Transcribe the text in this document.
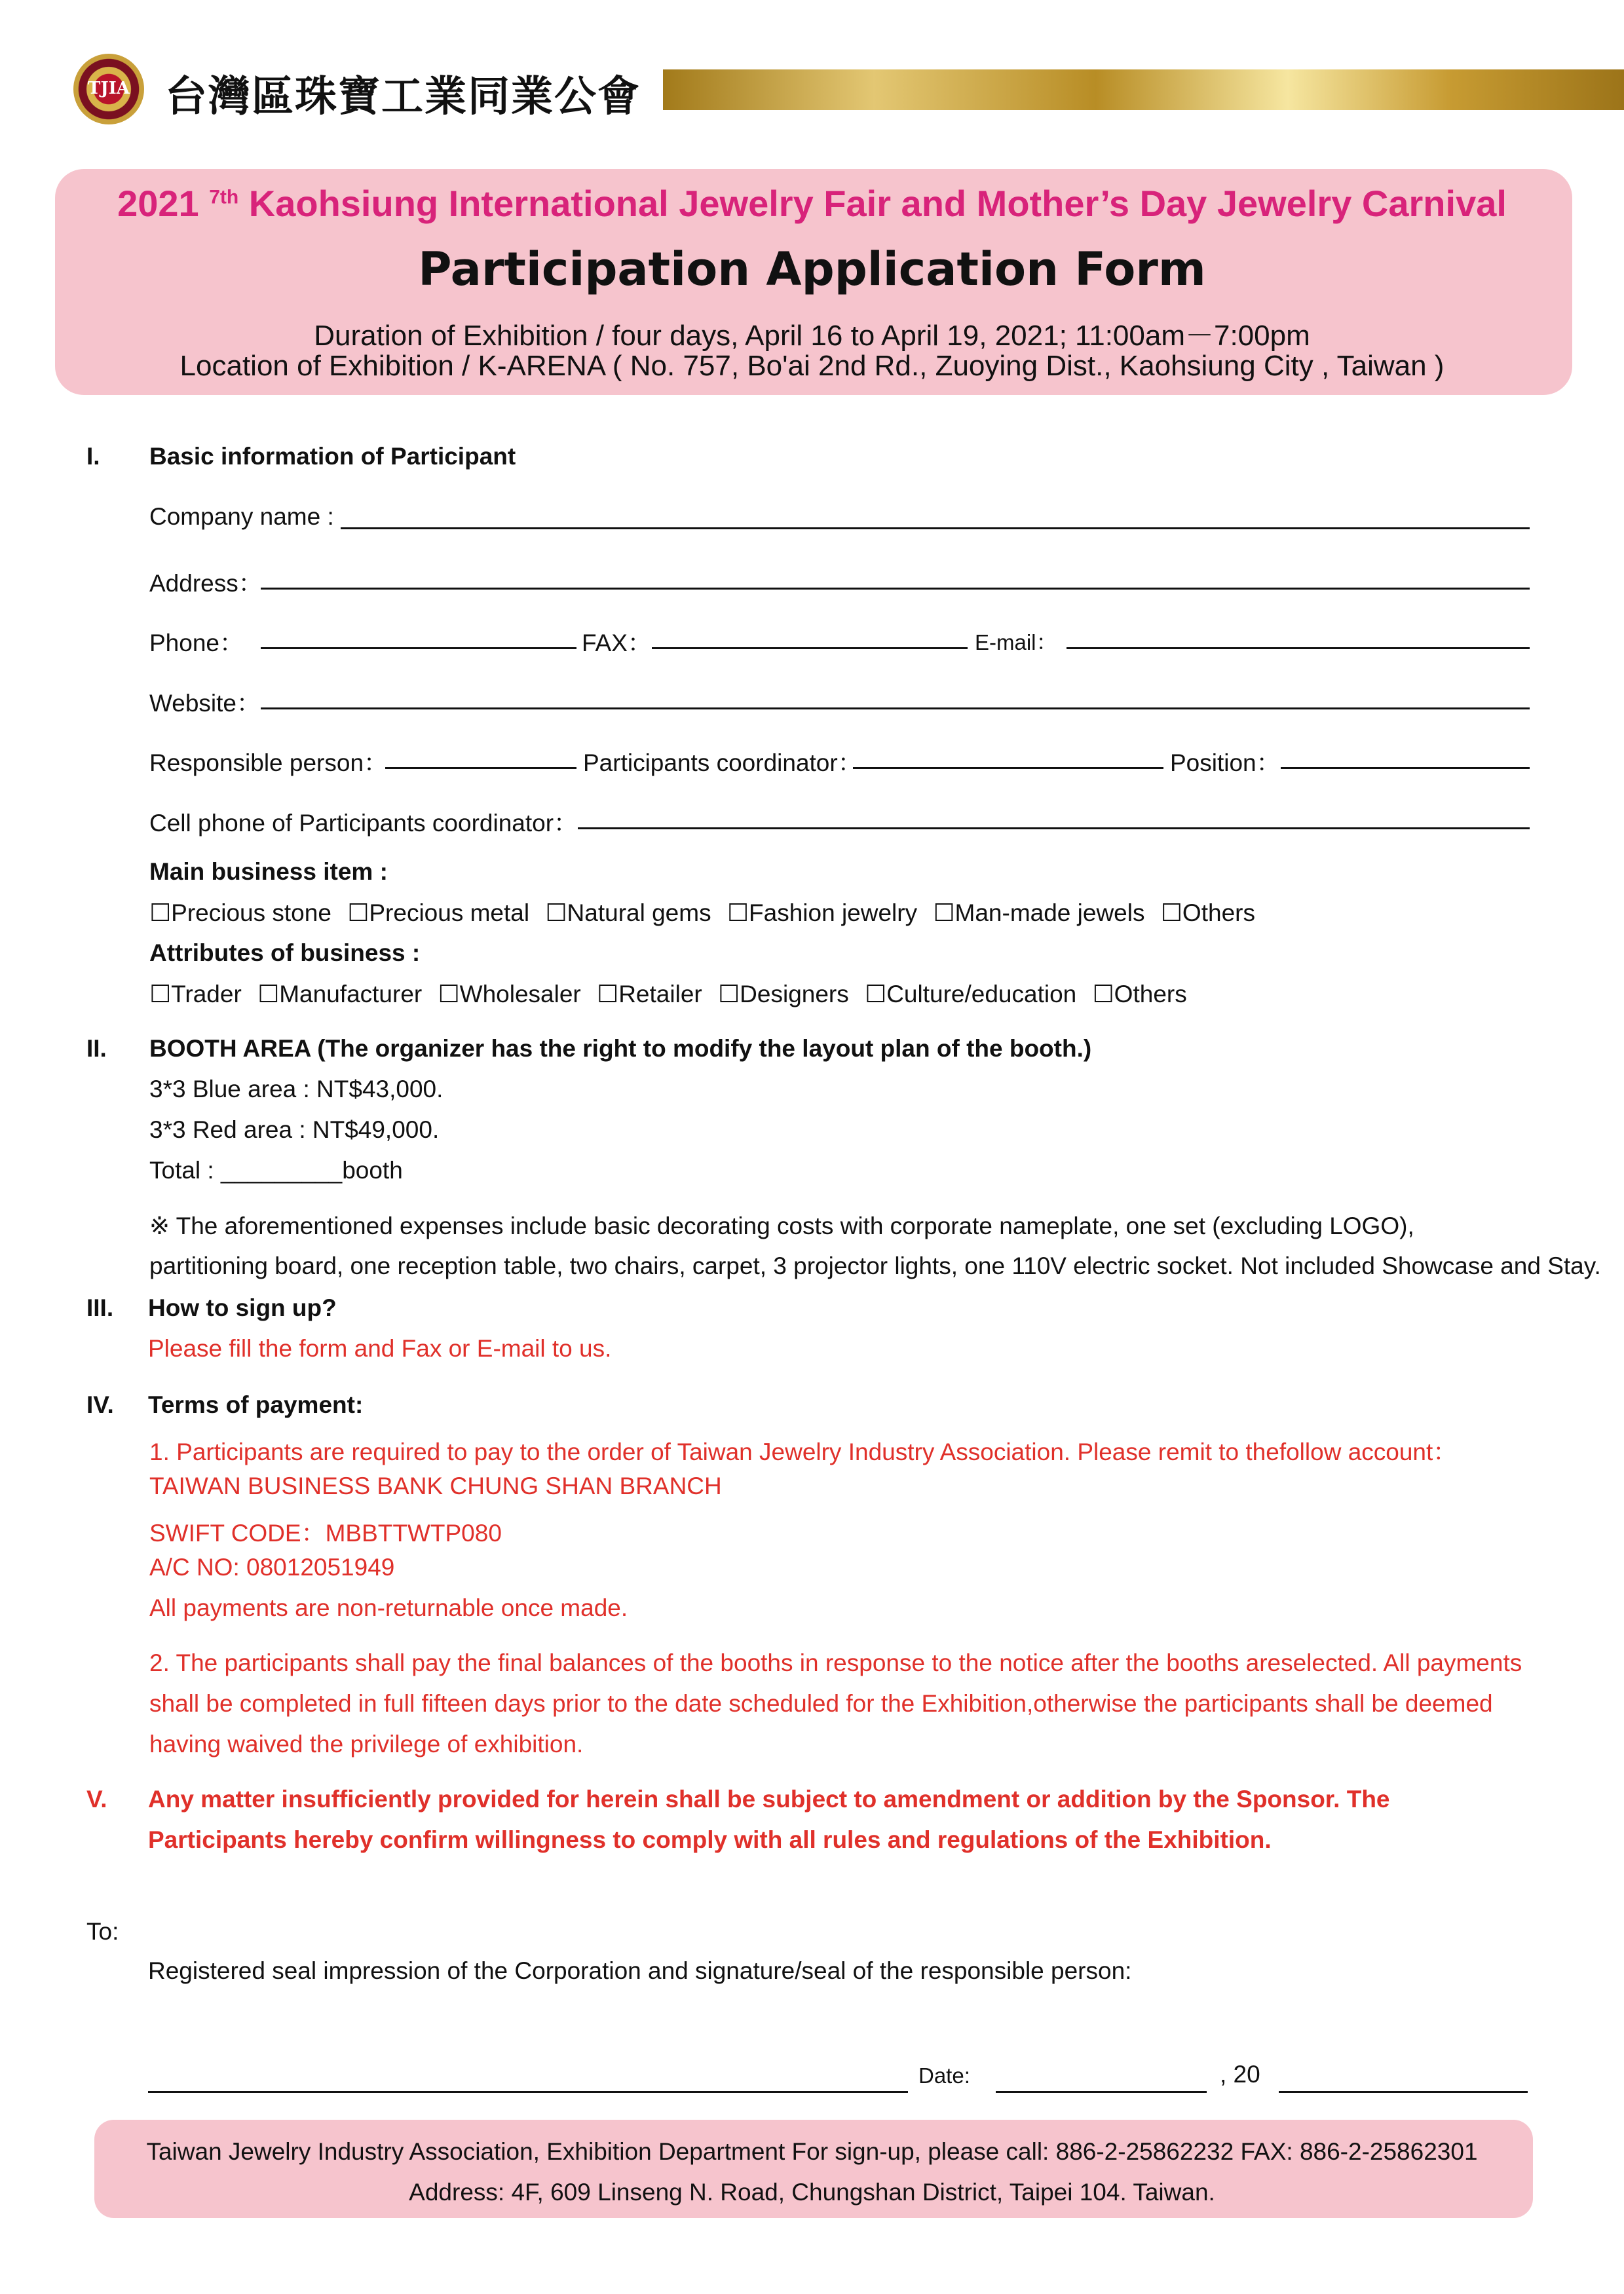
TJIA 台灣區珠寶工業同業公會
2021 $^{7th}$ Kaohsiung International Jewelry Fair and Mother’s Day Jewelry Carnival
Participation Application Form
Duration of Exhibition / four days, April 16 to April 19, 2021; 11:00am－7:00pm
Location of Exhibition / K-ARENA ( No. 757, Bo'ai 2nd Rd., Zuoying Dist., Kaohsiung City , Taiwan )
I. Basic information of Participant
Company name :
Address：
Phone：	FAX：	E-mail：
Website：
Responsible person：	Participants coordinator：	Position：
Cell phone of Participants coordinator：
Main business item :
☐Precious stone ☐Precious metal ☐Natural gems ☐Fashion jewelry ☐Man-made jewels ☐Others
Attributes of business :
☐Trader ☐Manufacturer ☐Wholesaler ☐Retailer ☐Designers ☐Culture/education ☐Others
II. BOOTH AREA (The organizer has the right to modify the layout plan of the booth.)
3*3 Blue area : NT$43,000.
3*3 Red area : NT$49,000.
Total : _________booth
※ The aforementioned expenses include basic decorating costs with corporate nameplate, one set (excluding LOGO),
partitioning board, one reception table, two chairs, carpet, 3 projector lights, one 110V electric socket. Not included Showcase and Stay.
III. How to sign up?
Please fill the form and Fax or E-mail to us.
IV. Terms of payment:
1. Participants are required to pay to the order of Taiwan Jewelry Industry Association. Please remit to thefollow account：
TAIWAN BUSINESS BANK CHUNG SHAN BRANCH
SWIFT CODE：MBBTTWTP080
A/C NO: 08012051949
All payments are non-returnable once made.
2. The participants shall pay the final balances of the booths in response to the notice after the booths areselected. All payments
shall be completed in full fifteen days prior to the date scheduled for the Exhibition,otherwise the participants shall be deemed
having waived the privilege of exhibition.
V. Any matter insufficiently provided for herein shall be subject to amendment or addition by the Sponsor. The
Participants hereby confirm willingness to comply with all rules and regulations of the Exhibition.
To:
Registered seal impression of the Corporation and signature/seal of the responsible person:
Date:	, 20
Taiwan Jewelry Industry Association, Exhibition Department For sign-up, please call: 886-2-25862232 FAX: 886-2-25862301
Address: 4F, 609 Linseng N. Road, Chungshan District, Taipei 104. Taiwan.
